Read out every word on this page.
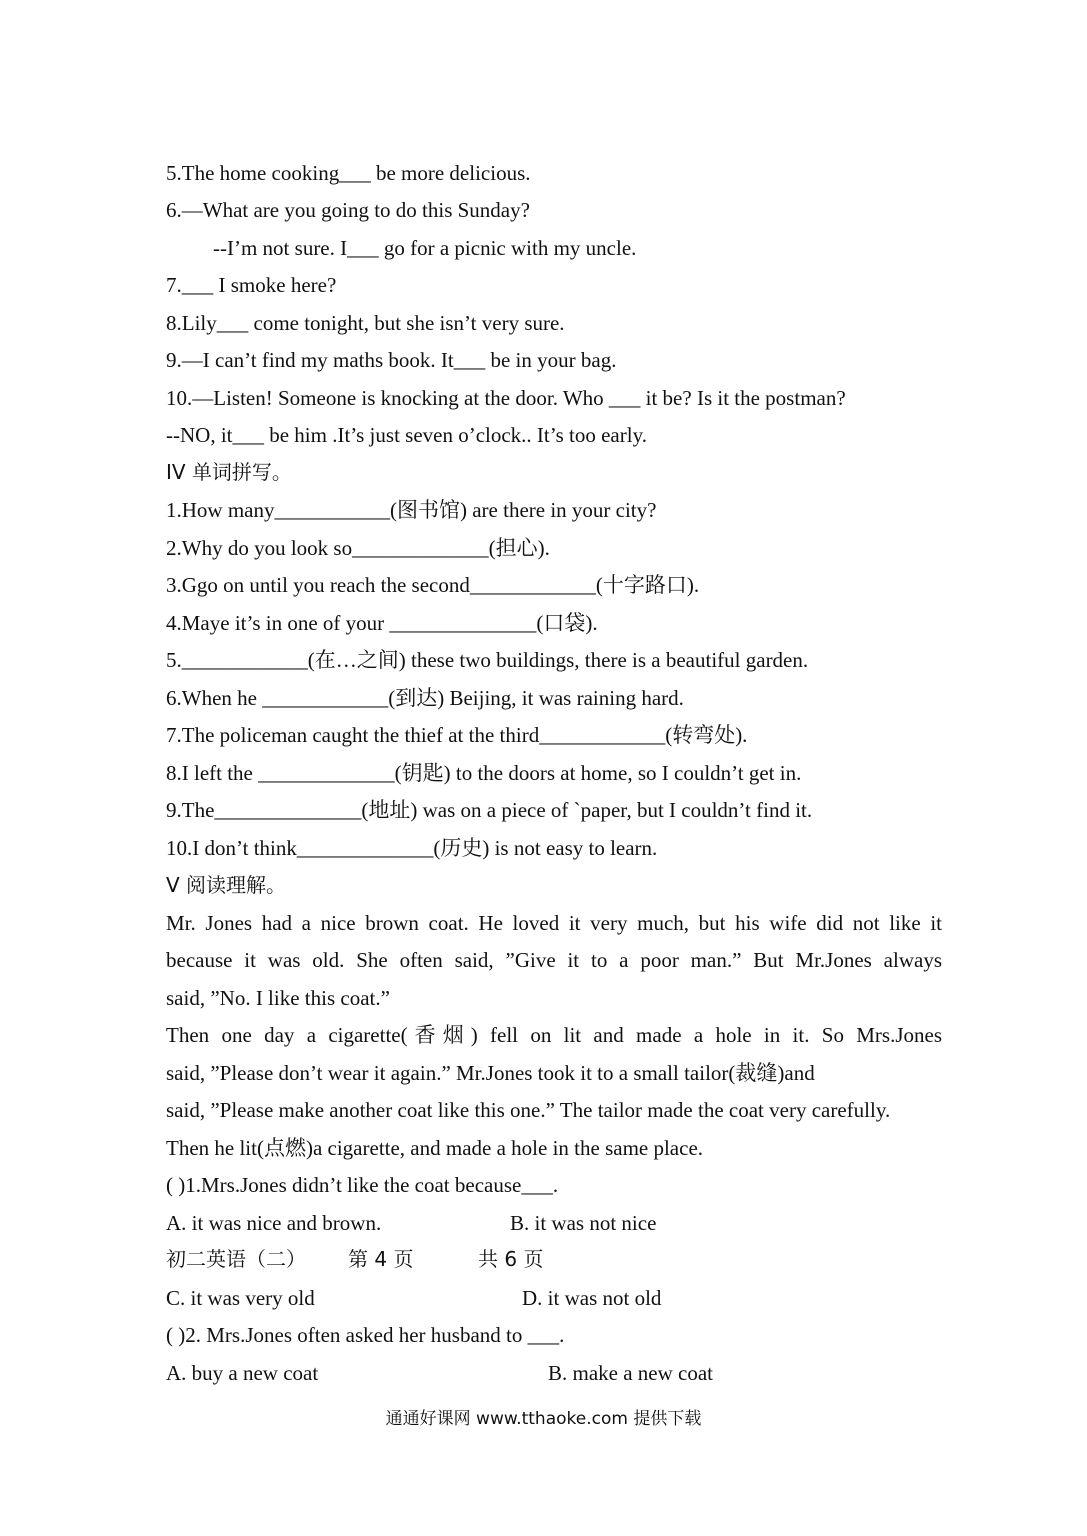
5.The home cooking___ be more delicious.
6.—What are you going to do this Sunday?
--I’m not sure. I___ go for a picnic with my uncle.
7.___ I smoke here?
8.Lily___ come tonight, but she isn’t very sure.
9.—I can’t find my maths book. It___ be in your bag.
10.—Listen! Someone is knocking at the door. Who ___ it be? Is it the postman?
--NO, it___ be him .It’s just seven o’clock.. It’s too early.
IV 单词拼写。
1.How many___________(图书馆) are there in your city?
2.Why do you look so_____________(担心).
3.Ggo on until you reach the second____________(十字路口).
4.Maye it’s in one of your ______________(口袋).
5.____________(在…之间) these two buildings, there is a beautiful garden.
6.When he ____________(到达) Beijing, it was raining hard.
7.The policeman caught the thief at the third____________(转弯处).
8.I left the _____________(钥匙) to the doors at home, so I couldn’t get in.
9.The______________(地址) was on a piece of `paper, but I couldn’t find it.
10.I don’t think_____________(历史) is not easy to learn.
V 阅读理解。
Mr. Jones had a nice brown coat. He loved it very much, but his wife did not like it
because it was old. She often said, ”Give it to a poor man.” But Mr.Jones always
said, ”No. I like this coat.”
Then one day a cigarette(香烟) fell on lit and made a hole in it. So Mrs.Jones
said, ”Please don’t wear it again.” Mr.Jones took it to a small tailor(裁缝)and
said, ”Please make another coat like this one.” The tailor made the coat very carefully.
Then he lit(点燃)a cigarette, and made a hole in the same place.
( )1.Mrs.Jones didn’t like the coat because___.
A. it was nice and brown.	B. it was not nice
初二英语（二） 第 4 页	共 6 页
C. it was very old	D. it was not old
( )2. Mrs.Jones often asked her husband to ___.
A. buy a new coat	B. make a new coat
通通好课网 www.tthaoke.com 提供下载
